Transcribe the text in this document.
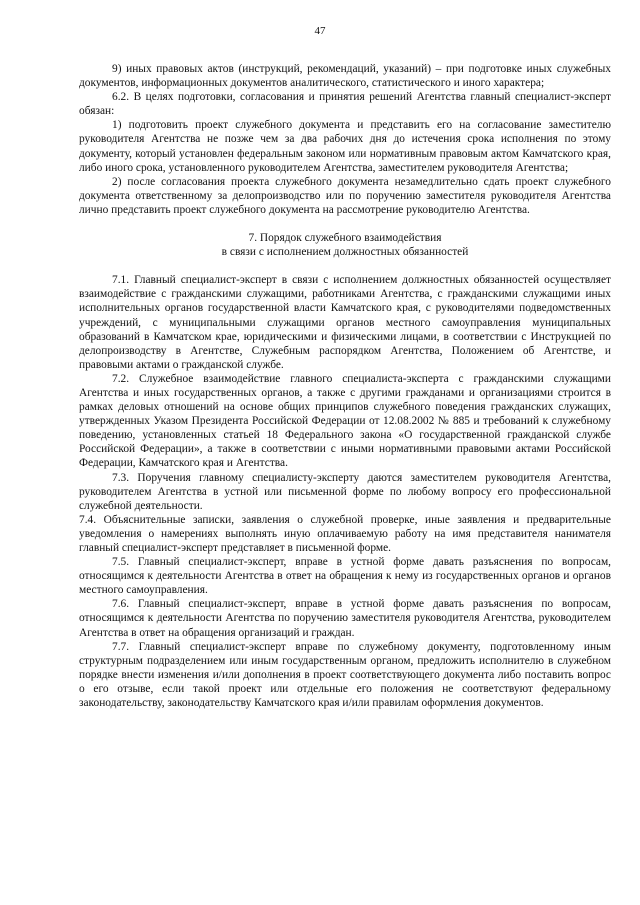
47

9) иных правовых актов (инструкций, рекомендаций, указаний) – при подготовке иных служебных документов, информационных документов аналитического, статистического и иного характера;

6.2. В целях подготовки, согласования и принятия решений Агентства главный специалист-эксперт обязан:

1) подготовить проект служебного документа и представить его на согласование заместителю руководителя Агентства не позже чем за два рабочих дня до истечения срока исполнения по этому документу, который установлен федеральным законом или нормативным правовым актом Камчатского края, либо иного срока, установленного руководителем Агентства, заместителем руководителя Агентства;

2) после согласования проекта служебного документа незамедлительно сдать проект служебного документа ответственному за делопроизводство или по поручению заместителя руководителя Агентства лично представить проект служебного документа на рассмотрение руководителю Агентства.

7. Порядок служебного взаимодействия
в связи с исполнением должностных обязанностей

7.1. Главный специалист-эксперт в связи с исполнением должностных обязанностей осуществляет взаимодействие с гражданскими служащими, работниками Агентства, с гражданскими служащими иных исполнительных органов государственной власти Камчатского края, с руководителями подведомственных учреждений, с муниципальными служащими органов местного самоуправления муниципальных образований в Камчатском крае, юридическими и физическими лицами, в соответствии с Инструкцией по делопроизводству в Агентстве, Служебным распорядком Агентства, Положением об Агентстве, и правовыми актами о гражданской службе.

7.2. Служебное взаимодействие главного специалиста-эксперта с гражданскими служащими Агентства и иных государственных органов, а также с другими гражданами и организациями строится в рамках деловых отношений на основе общих принципов служебного поведения гражданских служащих, утвержденных Указом Президента Российской Федерации от 12.08.2002 № 885 и требований к служебному поведению, установленных статьей 18 Федерального закона «О государственной гражданской службе Российской Федерации», а также в соответствии с иными нормативными правовыми актами Российской Федерации, Камчатского края и Агентства.

7.3. Поручения главному специалисту-эксперту даются заместителем руководителя Агентства, руководителем Агентства в устной или письменной форме по любому вопросу его профессиональной служебной деятельности.

7.4. Объяснительные записки, заявления о служебной проверке, иные заявления и предварительные уведомления о намерениях выполнять иную оплачиваемую работу на имя представителя нанимателя главный специалист-эксперт представляет в письменной форме.

7.5. Главный специалист-эксперт, вправе в устной форме давать разъяснения по вопросам, относящимся к деятельности Агентства в ответ на обращения к нему из государственных органов и органов местного самоуправления.

7.6. Главный специалист-эксперт, вправе в устной форме давать разъяснения по вопросам, относящимся к деятельности Агентства по поручению заместителя руководителя Агентства, руководителем Агентства в ответ на обращения организаций и граждан.

7.7. Главный специалист-эксперт вправе по служебному документу, подготовленному иным структурным подразделением или иным государственным органом, предложить исполнителю в служебном порядке внести изменения и/или дополнения в проект соответствующего документа либо поставить вопрос о его отзыве, если такой проект или отдельные его положения не соответствуют федеральному законодательству, законодательству Камчатского края и/или правилам оформления документов.
